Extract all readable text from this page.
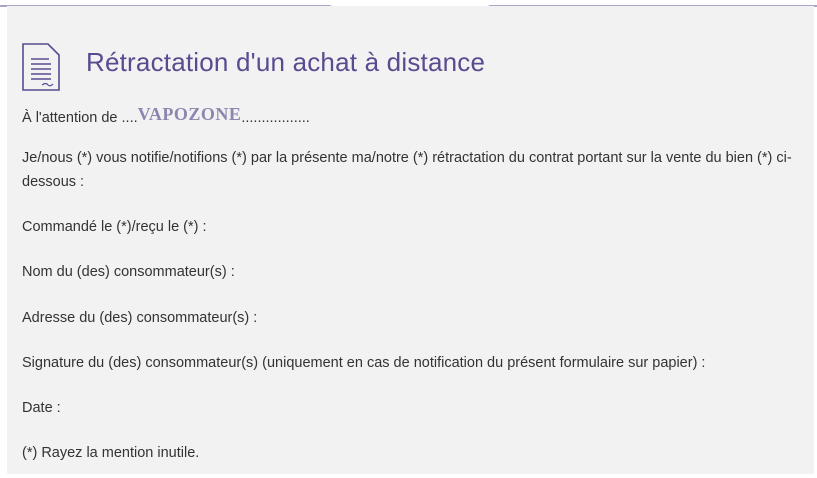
Rétractation d'un achat à distance
À l'attention de ....VAPOZONE.................
Je/nous (*) vous notifie/notifions (*) par la présente ma/notre (*) rétractation du contrat portant sur la vente du bien (*) ci-dessous :
Commandé le (*)/reçu le (*) :
Nom du (des) consommateur(s) :
Adresse du (des) consommateur(s) :
Signature du (des) consommateur(s) (uniquement en cas de notification du présent formulaire sur papier) :
Date :
(*) Rayez la mention inutile.
